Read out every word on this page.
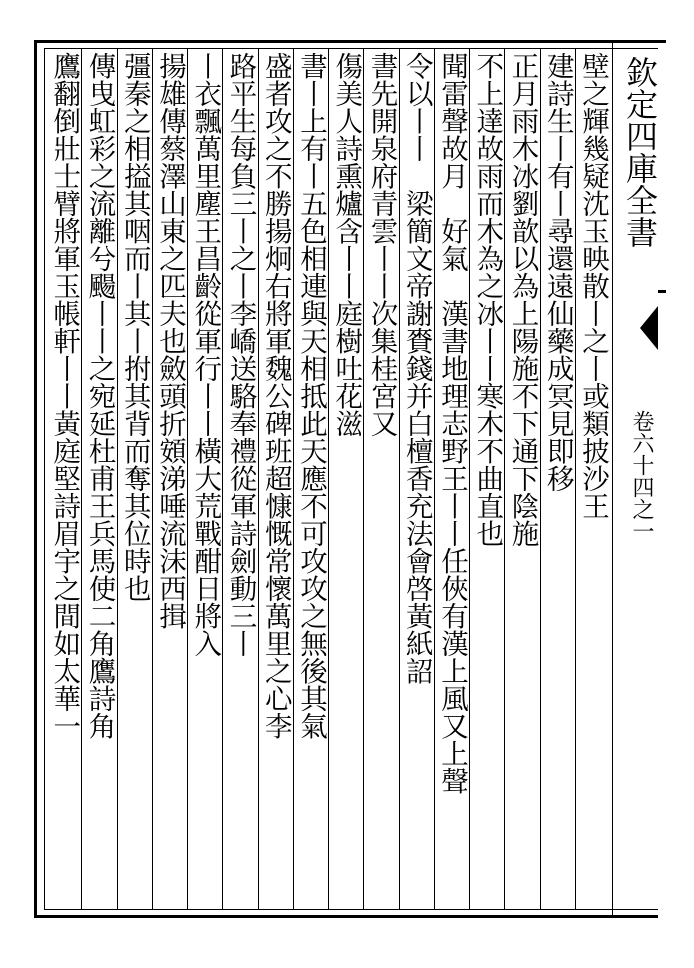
欽定四庫全書
卷六十四之一
壁之輝幾疑沈玉映散丨之丨或類披沙王
建詩生丨有丨尋還遠仙藥成冥見即移
正月雨木冰劉歆以為上陽施不下通下陰施
不上達故雨而木為之冰丨丨寒木不曲直也
聞雷聲故月　好氣　漢書地理志野王丨丨任俠有漢上風又上聲
令以丨丨　梁簡文帝謝賚錢并白檀香充法會啓黃紙詔
書先開泉府青雲丨丨次集桂宮又
傷美人詩熏爐含丨丨庭樹吐花滋
書丨上有丨五色相連與天相抵此天應不可攻攻之無後其氣
盛者攻之不勝揚炯右將軍魏公碑班超慷慨常懷萬里之心李
路平生每負三丨之丨李嶠送駱奉禮從軍詩劍動三丨
丨衣飄萬里塵王昌齡從軍行丨丨橫大荒戰酣日將入
揚雄傳蔡澤山東之匹夫也斂頭折頞涕唾流沫西揖
彊秦之相搤其咽而丨其丨拊其背而奪其位時也
傳曳虹彩之流離兮颺丨丨之宛延杜甫王兵馬使二角鷹詩角
鷹翻倒壯士臂將軍玉帳軒丨丨黃庭堅詩眉宇之間如太華一
